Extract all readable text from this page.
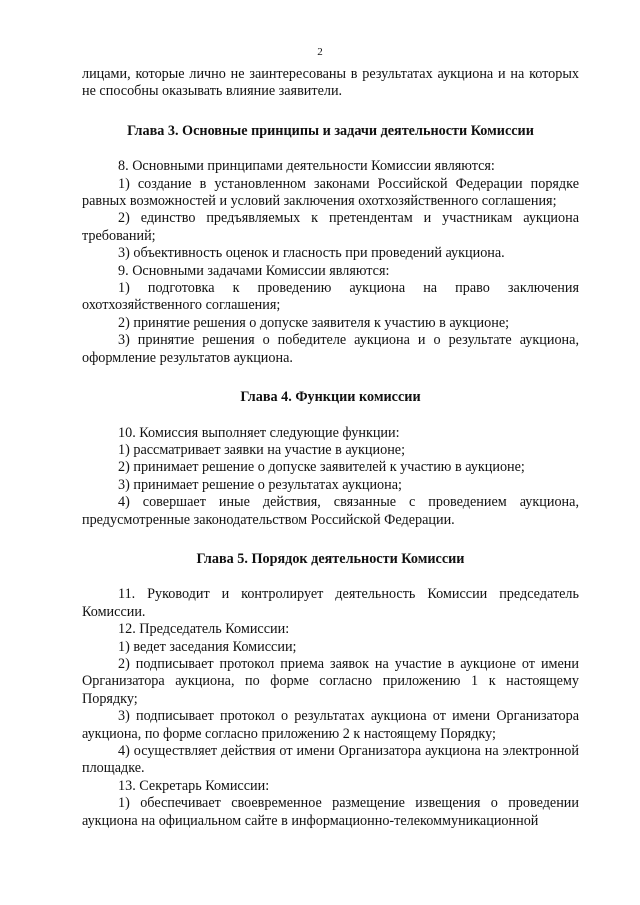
2

лицами, которые лично не заинтересованы в результатах аукциона и на которых не способны оказывать влияние заявители.

Глава 3. Основные принципы и задачи деятельности Комиссии

8. Основными принципами деятельности Комиссии являются:

1) создание в установленном законами Российской Федерации порядке равных возможностей и условий заключения охотхозяйственного соглашения;

2) единство предъявляемых к претендентам и участникам аукциона требований;

3) объективность оценок и гласность при проведений аукциона.

9. Основными задачами Комиссии являются:

1) подготовка к проведению аукциона на право заключения охотхозяйственного соглашения;

2) принятие решения о допуске заявителя к участию в аукционе;

3) принятие решения о победителе аукциона и о результате аукциона, оформление результатов аукциона.

Глава 4. Функции комиссии

10. Комиссия выполняет следующие функции:

1) рассматривает заявки на участие в аукционе;

2) принимает решение о допуске заявителей к участию в аукционе;

3) принимает решение о результатах аукциона;

4) совершает иные действия, связанные с проведением аукциона, предусмотренные законодательством Российской Федерации.

Глава 5. Порядок деятельности Комиссии

11. Руководит и контролирует деятельность Комиссии председатель Комиссии.

12. Председатель Комиссии:

1) ведет заседания Комиссии;

2) подписывает протокол приема заявок на участие в аукционе от имени Организатора аукциона, по форме согласно приложению 1 к настоящему Порядку;

3) подписывает протокол о результатах аукциона от имени Организатора аукциона, по форме согласно приложению 2 к настоящему Порядку;

4) осуществляет действия от имени Организатора аукциона на электронной площадке.

13. Секретарь Комиссии:

1) обеспечивает своевременное размещение извещения о проведении аукциона на официальном сайте в информационно-телекоммуникационной
